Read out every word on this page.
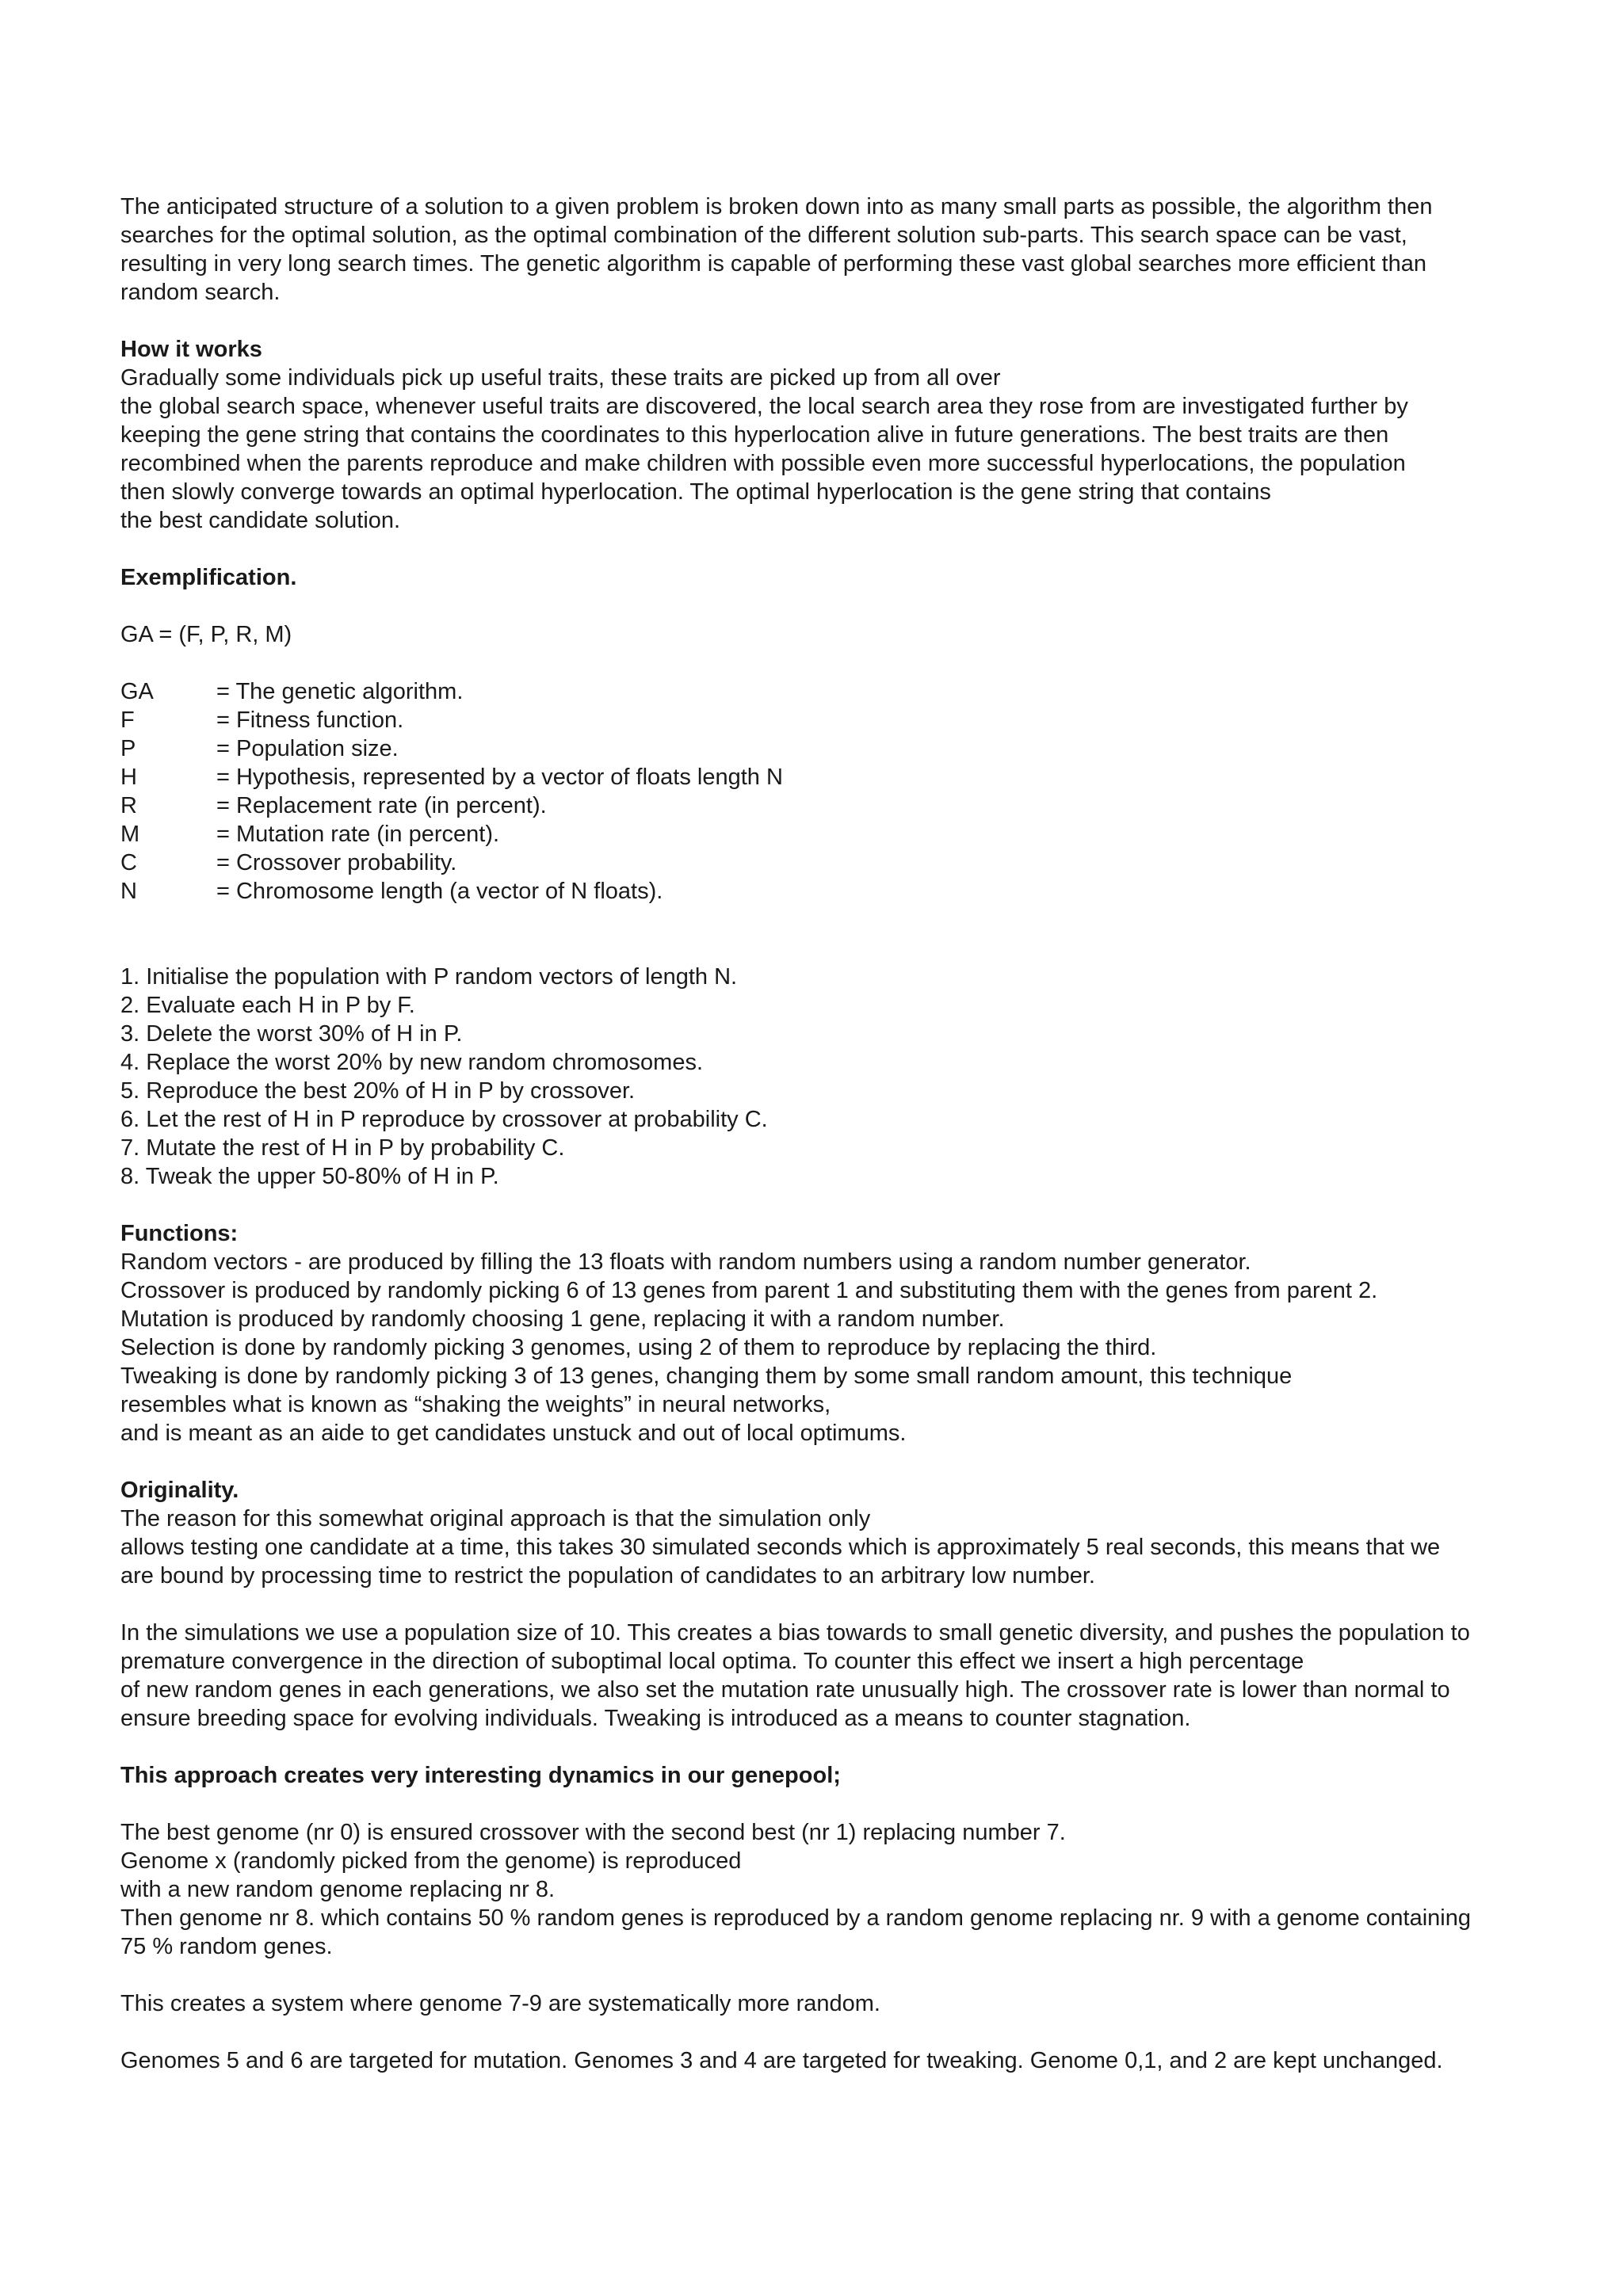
The anticipated structure of a solution to a given problem is broken down into as many small parts as possible, the algorithm then

searches for the optimal solution, as the optimal combination of the different solution sub-parts. This search space can be vast,

resulting in very long search times. The genetic algorithm is capable of performing these vast global searches more efficient than

random search.

How it works

Gradually some individuals pick up useful traits, these traits are picked up from all over

the global search space, whenever useful traits are discovered, the local search area they rose from are investigated further by

keeping the gene string that contains the coordinates to this hyperlocation alive in future generations. The best traits are then

recombined when the parents reproduce and make children with possible even more successful hyperlocations, the population

then slowly converge towards an optimal hyperlocation. The optimal hyperlocation is the gene string that contains

the best candidate solution.

Exemplification.

GA = (F, P, R, M)

GA	= The genetic algorithm.
F	= Fitness function.
P	= Population size.
H	= Hypothesis, represented by a vector of floats length N
R	= Replacement rate (in percent).
M	= Mutation rate (in percent).
C	= Crossover probability.
N	= Chromosome length (a vector of N floats).

1. Initialise the population with P random vectors of length N.

2. Evaluate each H in P by F.

3. Delete the worst 30% of H in P.

4. Replace the worst 20% by new random chromosomes.

5. Reproduce the best 20% of H in P by crossover.

6. Let the rest of H in P reproduce by crossover at probability C.

7. Mutate the rest of H in P by probability C.

8. Tweak the upper 50-80% of H in P.

Functions:

Random vectors - are produced by filling the 13 floats with random numbers using a random number generator.

Crossover is produced by randomly picking 6 of 13 genes from parent 1 and substituting them with the genes from parent 2.

Mutation is produced by randomly choosing 1 gene, replacing it with a random number.

Selection is done by randomly picking 3 genomes, using 2 of them to reproduce by replacing the third.

Tweaking is done by randomly picking 3 of 13 genes, changing them by some small random amount, this technique

resembles what is known as “shaking the weights” in neural networks,

and is meant as an aide to get candidates unstuck and out of local optimums.

Originality.

The reason for this somewhat original approach is that the simulation only

allows testing one candidate at a time, this takes 30 simulated seconds which is approximately 5 real seconds, this means that we

are bound by processing time to restrict the population of candidates to an arbitrary low number.

In the simulations we use a population size of 10. This creates a bias towards to small genetic diversity, and pushes the population to

premature convergence in the direction of suboptimal local optima. To counter this effect we insert a high percentage

of new random genes in each generations, we also set the mutation rate unusually high. The crossover rate is lower than normal to

ensure breeding space for evolving individuals. Tweaking is introduced as a means to counter stagnation.

This approach creates very interesting dynamics in our genepool;

The best genome (nr 0) is ensured crossover with the second best (nr 1) replacing number 7.

Genome x (randomly picked from the genome) is reproduced

with a new random genome replacing nr 8.

Then genome nr 8. which contains 50 % random genes is reproduced by a random genome replacing nr. 9 with a genome containing

75 % random genes.

This creates a system where genome 7-9 are systematically more random.

Genomes 5 and 6 are targeted for mutation. Genomes 3 and 4 are targeted for tweaking. Genome 0,1, and 2 are kept unchanged.
